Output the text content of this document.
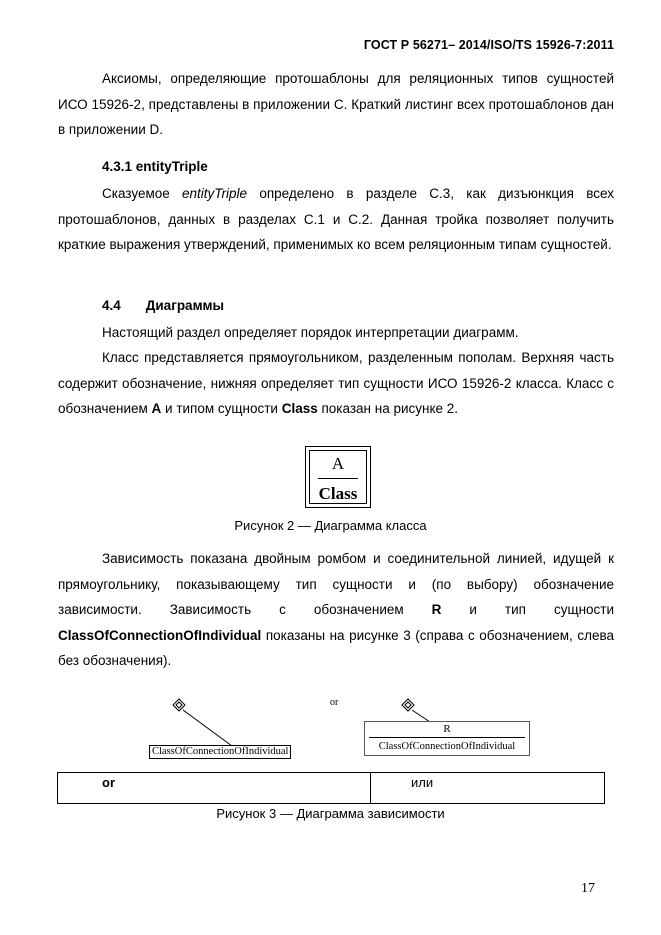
ГОСТ Р 56271– 2014/ISO/TS 15926-7:2011
Аксиомы, определяющие протошаблоны для реляционных типов сущностей ИСО 15926-2, представлены в приложении С. Краткий листинг всех протошаблонов дан в приложении D.
4.3.1 entityTriple
Сказуемое entityTriple определено в разделе С.3, как дизъюнкция всех протошаблонов, данных в разделах С.1 и С.2. Данная тройка позволяет получить краткие выражения утверждений, применимых ко всем реляционным типам сущностей.
4.4 Диаграммы
Настоящий раздел определяет порядок интерпретации диаграмм.
Класс представляется прямоугольником, разделенным пополам. Верхняя часть содержит обозначение, нижняя определяет тип сущности ИСО 15926-2 класса. Класс с обозначением A и типом сущности Class показан на рисунке 2.
A
Class
Рисунок 2 — Диаграмма класса
Зависимость показана двойным ромбом и соединительной линией, идущей к прямоугольнику, показывающему тип сущности и (по выбору) обозначение зависимости. Зависимость с обозначением R и тип сущности ClassOfConnectionOfIndividual показаны на рисунке 3 (справа с обозначением, слева без обозначения).
ClassOfConnectionOfIndividual
or
R
ClassOfConnectionOfIndividual
or	или
Рисунок 3 — Диаграмма зависимости
17
